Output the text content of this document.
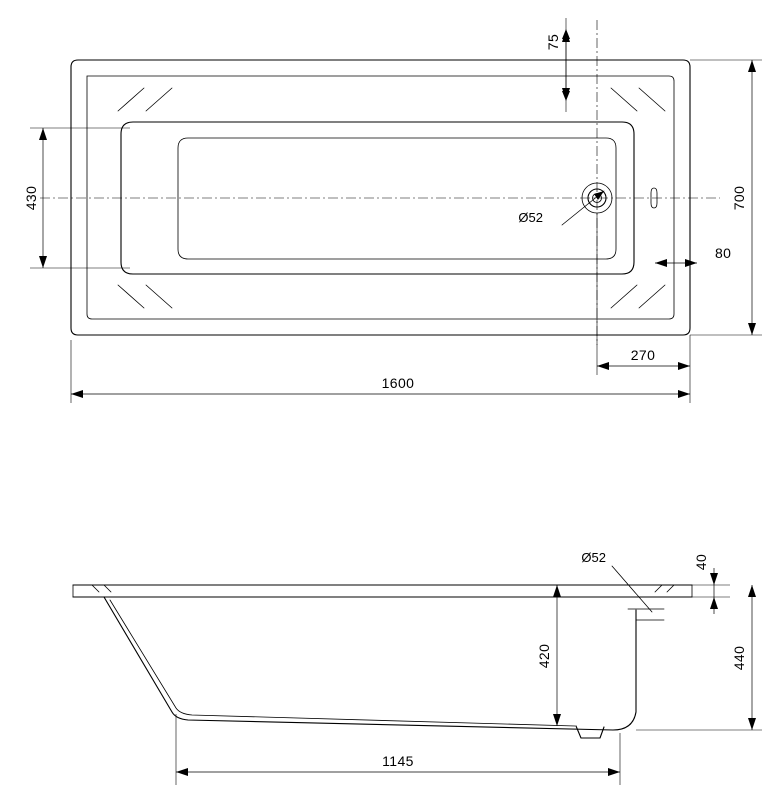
Ø52
75
430	700
80
270
1600
Ø52	40
440
420
1145
